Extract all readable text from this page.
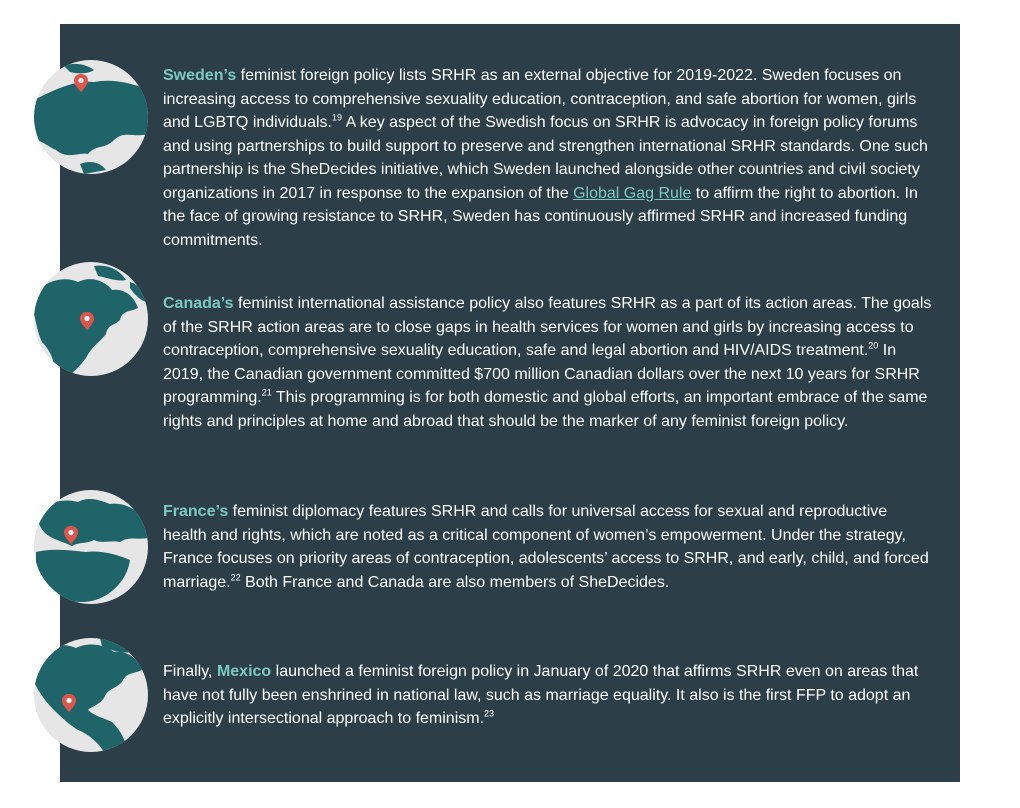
Sweden’s feminist foreign policy lists SRHR as an external objective for 2019-2022. Sweden focuses on increasing access to comprehensive sexuality education, contraception, and safe abortion for women, girls and LGBTQ individuals.$^{19}$ A key aspect of the Swedish focus on SRHR is advocacy in foreign policy forums and using partnerships to build support to preserve and strengthen international SRHR standards. One such partnership is the SheDecides initiative, which Sweden launched alongside other countries and civil society organizations in 2017 in response to the expansion of the Global Gag Rule to affirm the right to abortion. In the face of growing resistance to SRHR, Sweden has continuously affirmed SRHR and increased funding commitments.

Canada’s feminist international assistance policy also features SRHR as a part of its action areas. The goals of the SRHR action areas are to close gaps in health services for women and girls by increasing access to contraception, comprehensive sexuality education, safe and legal abortion and HIV/AIDS treatment.$^{20}$ In 2019, the Canadian government committed $700 million Canadian dollars over the next 10 years for SRHR programming.$^{21}$ This programming is for both domestic and global efforts, an important embrace of the same rights and principles at home and abroad that should be the marker of any feminist foreign policy.

France’s feminist diplomacy features SRHR and calls for universal access for sexual and reproductive health and rights, which are noted as a critical component of women’s empowerment. Under the strategy, France focuses on priority areas of contraception, adolescents’ access to SRHR, and early, child, and forced marriage.$^{22}$ Both France and Canada are also members of SheDecides.

Finally, Mexico launched a feminist foreign policy in January of 2020 that affirms SRHR even on areas that have not fully been enshrined in national law, such as marriage equality. It also is the first FFP to adopt an explicitly intersectional approach to feminism.$^{23}$
